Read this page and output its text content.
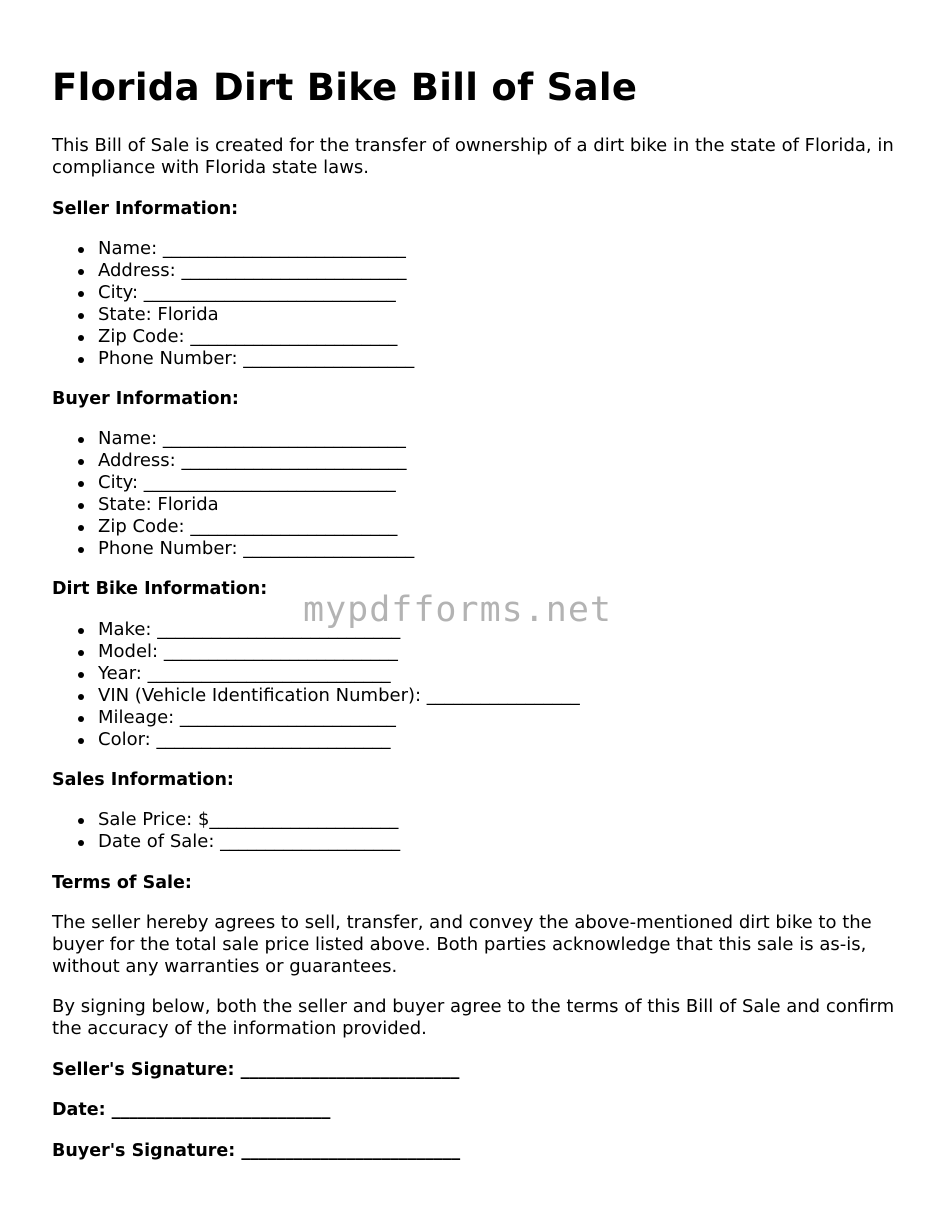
Florida Dirt Bike Bill of Sale

This Bill of Sale is created for the transfer of ownership of a dirt bike in the state of Florida, in compliance with Florida state laws.

Seller Information:

Name: ___________________________
Address: _________________________
City: ____________________________
State: Florida
Zip Code: _______________________
Phone Number: ___________________

Buyer Information:

Name: ___________________________
Address: _________________________
City: ____________________________
State: Florida
Zip Code: _______________________
Phone Number: ___________________

Dirt Bike Information:

Make: ___________________________
Model: __________________________
Year: ___________________________
VIN (Vehicle Identification Number): _________________
Mileage: ________________________
Color: __________________________

Sales Information:

Sale Price: $_____________________
Date of Sale: ____________________

Terms of Sale:

The seller hereby agrees to sell, transfer, and convey the above-mentioned dirt bike to the buyer for the total sale price listed above. Both parties acknowledge that this sale is as-is, without any warranties or guarantees.

By signing below, both the seller and buyer agree to the terms of this Bill of Sale and confirm the accuracy of the information provided.

Seller's Signature: _________________________

Date: _________________________

Buyer's Signature: _________________________

mypdfforms.net
